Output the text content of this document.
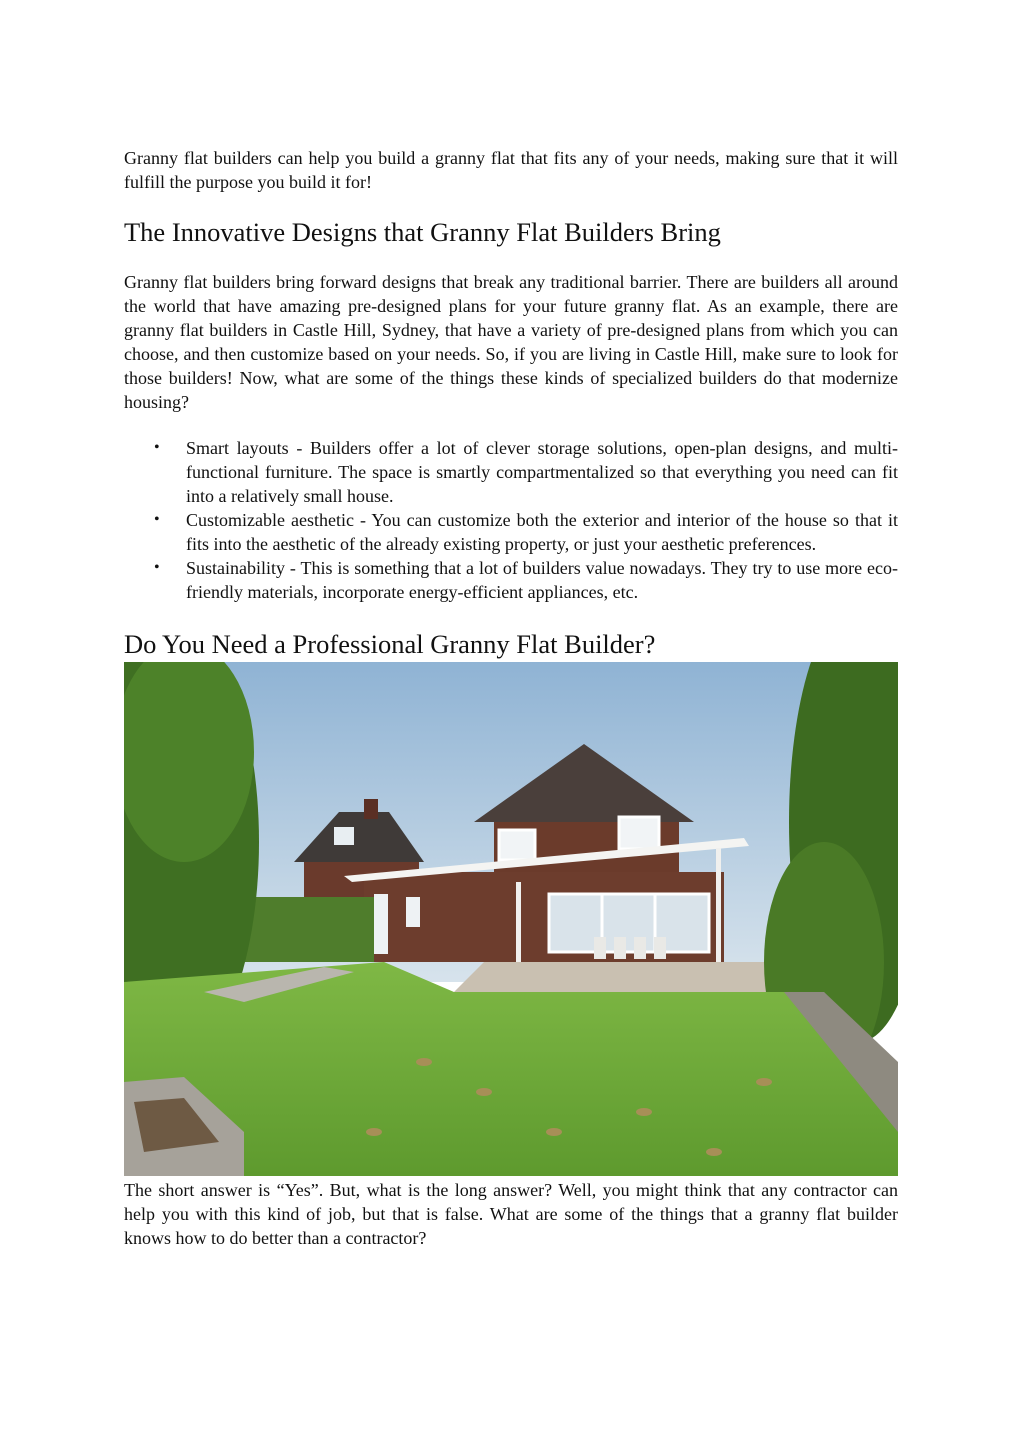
Granny flat builders can help you build a granny flat that fits any of your needs, making sure that it will fulfill the purpose you build it for!

The Innovative Designs that Granny Flat Builders Bring

Granny flat builders bring forward designs that break any traditional barrier. There are builders all around the world that have amazing pre-designed plans for your future granny flat. As an example, there are granny flat builders in Castle Hill, Sydney, that have a variety of pre-designed plans from which you can choose, and then customize based on your needs. So, if you are living in Castle Hill, make sure to look for those builders! Now, what are some of the things these kinds of specialized builders do that modernize housing?

• Smart layouts - Builders offer a lot of clever storage solutions, open-plan designs, and multi-functional furniture. The space is smartly compartmentalized so that everything you need can fit into a relatively small house.
• Customizable aesthetic - You can customize both the exterior and interior of the house so that it fits into the aesthetic of the already existing property, or just your aesthetic preferences.
• Sustainability - This is something that a lot of builders value nowadays. They try to use more eco-friendly materials, incorporate energy-efficient appliances, etc.
Do You Need a Professional Granny Flat Builder?

The short answer is “Yes”. But, what is the long answer? Well, you might think that any contractor can help you with this kind of job, but that is false. What are some of the things that a granny flat builder knows how to do better than a contractor?
